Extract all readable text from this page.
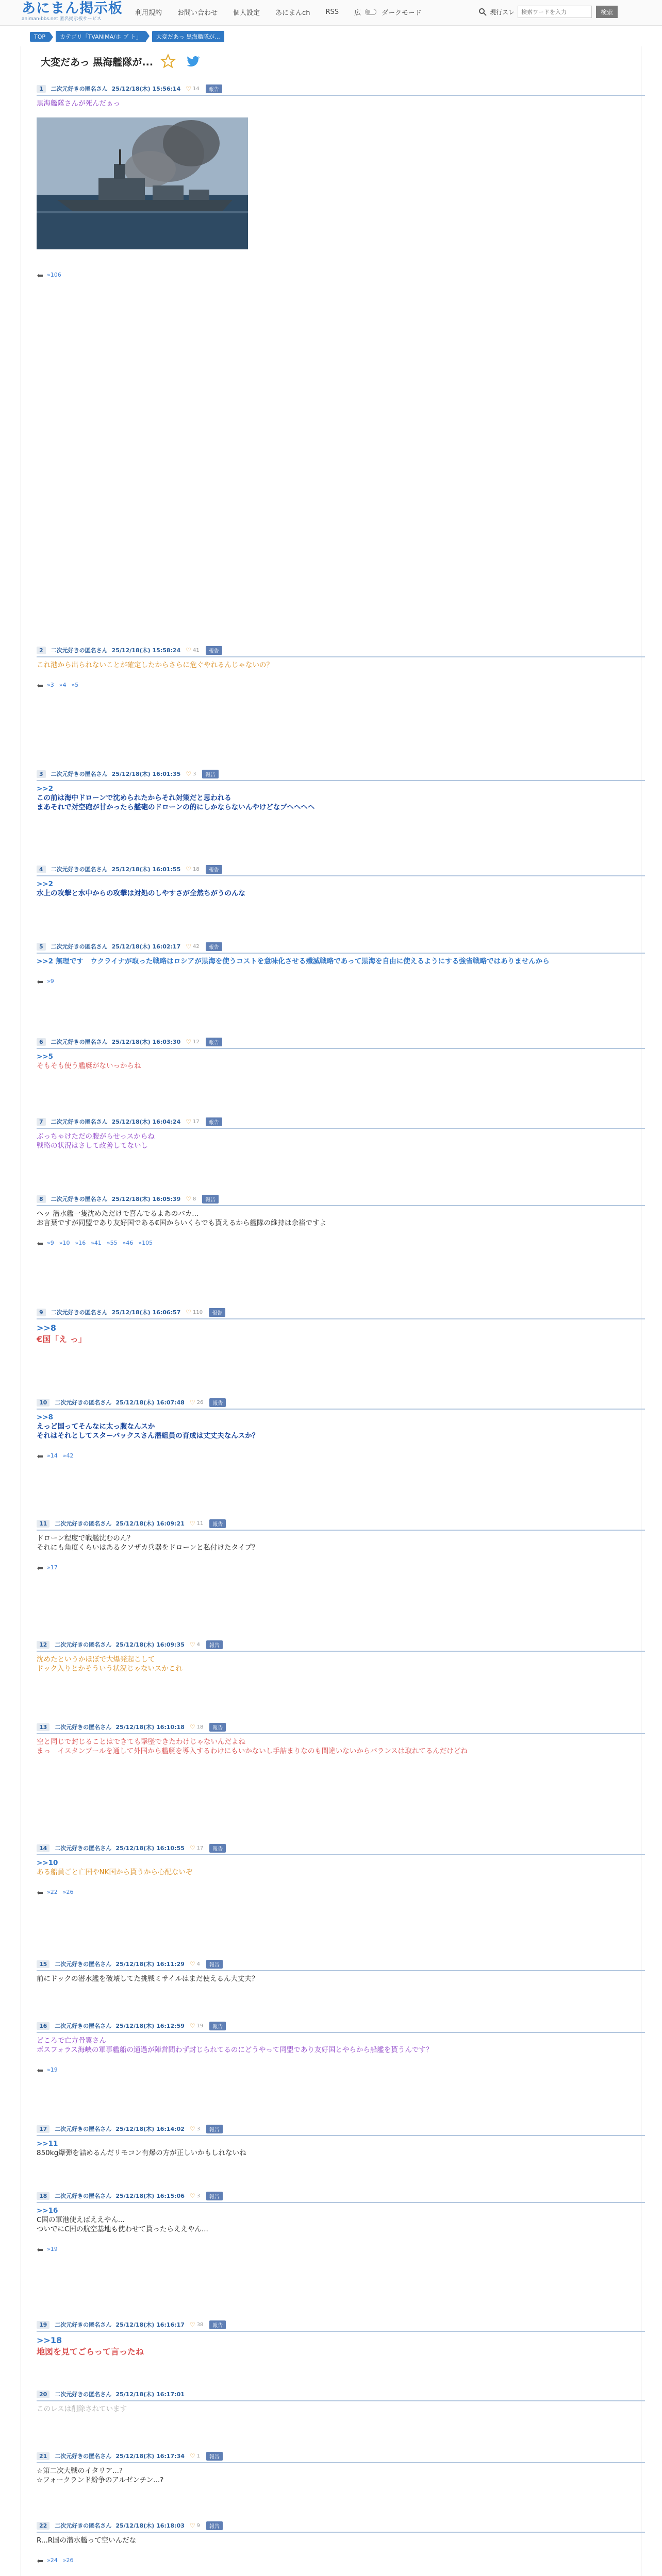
あにまん掲示板
animan-bbs.net 匿名掲示板サービス
利用規約 お問い合わせ 個人設定 あにまんch RSS 広	ダークモード	現行スレ
検索ワードを入力	検索
TOP	カテゴリ「TVANIMA/ホ ブ ト」	大変だあっ 黒海艦隊が...
大変だあっ 黒海艦隊が...
1	二次元好きの匿名さん 25/12/18(木) 15:56:14 ♡ 14	報告
黒海艦隊さんが死んだぁっ
»106
2	二次元好きの匿名さん 25/12/18(木) 15:58:24 ♡ 41	報告
これ港から出られないことが確定したからさらに危ぐやれるんじゃないの？
»3 »4 »5
3	二次元好きの匿名さん 25/12/18(木) 16:01:35 ♡ 3	報告
>>2
この前は海中ドローンで沈められたからそれ対策だと思われる
まあそれで対空砲が甘かったら艦砲のドローンの的にしかならないんやけどなブヘヘヘヘ
4	二次元好きの匿名さん 25/12/18(木) 16:01:55 ♡ 18	報告
>>2
水上の攻撃と水中からの攻撃は対処のしやすさが全然ちがうのんな
5	二次元好きの匿名さん 25/12/18(木) 16:02:17 ♡ 42	報告
>>2 無理です　ウクライナが取った戦略はロシアが黒海を使うコストを意味化させる殲滅戦略であって黒海を自由に使えるようにする強省戦略ではありませんから
»9
6	二次元好きの匿名さん 25/12/18(木) 16:03:30 ♡ 12	報告
>>5
そもそも使う艦艇がないっからね
7	二次元好きの匿名さん 25/12/18(木) 16:04:24 ♡ 17	報告
ぶっちゃけただの腹がらせっスからね
戦略の状況はさして改善してないし
8	二次元好きの匿名さん 25/12/18(木) 16:05:39 ♡ 8	報告
ヘッ 潜水艦一隻沈めただけで喜んでるよあのバカ...
お言葉ですが同盟であり友好国である€国からいくらでも貰えるから艦隊の維持は余裕ですよ
»9 »10 »16 »41 »55 »46 »105
9	二次元好きの匿名さん 25/12/18(木) 16:06:57 ♡ 110	報告
>>8
€国「え っ」
10	二次元好きの匿名さん 25/12/18(木) 16:07:48 ♡ 26	報告
>>8
えっど国ってそんなに太っ腹なんスか
それはそれとしてスターバックスさん潜組員の育成は丈丈夫なんスか？
»14 »42
11	二次元好きの匿名さん 25/12/18(木) 16:09:21 ♡ 11	報告
ドローン程度で戦艦沈むのん？
それにも角度くらいはあるクソザカ兵器をドローンと私付けたタイプ？
»17
12	二次元好きの匿名さん 25/12/18(木) 16:09:35 ♡ 4	報告
沈めたというかほぼで大爆発起こして
ドック入りとかそういう状況じゃないスかこれ
13	二次元好きの匿名さん 25/12/18(木) 16:10:18 ♡ 18	報告
空と同じで封じることはできても撃墜できたわけじゃないんだよね
まっ　イスタンブールを通して外国から艦艇を導入するわけにもいかないし手詰まりなのも間違いないからバランスは取れてるんだけどね
14	二次元好きの匿名さん 25/12/18(木) 16:10:55 ♡ 17	報告
>>10
ある船員ごと亡国やNK国から貰うから心配ないぞ
»22 »26
15	二次元好きの匿名さん 25/12/18(木) 16:11:29 ♡ 4	報告
前にドックの潜水艦を破壊してた挑戦ミサイルはまだ使えるん大丈夫？
16	二次元好きの匿名さん 25/12/18(木) 16:12:59 ♡ 19	報告
どころで亡方骨翼さん
ボスフォラス海峡の軍事艦船の通過が陣営問わず封じられてるのにどうやって同盟であり友好国とやらから船艦を貰うんです？
»19
17	二次元好きの匿名さん 25/12/18(木) 16:14:02 ♡ 3	報告
>>11
850kg爆弾を詰めるんだリモコン有爆の方が正しいかもしれないね
18	二次元好きの匿名さん 25/12/18(木) 16:15:06 ♡ 3	報告
>>16
C国の軍港使えばええやん...
ついでにC国の航空基地も使わせて貰ったらええやん...
»19
19	二次元好きの匿名さん 25/12/18(木) 16:16:17 ♡ 38	報告
>>18
地図を見てごらって言ったね
20	二次元好きの匿名さん 25/12/18(木) 16:17:01
このレスは削除されています
21	二次元好きの匿名さん 25/12/18(木) 16:17:34 ♡ 1	報告
☆第二次大戦のイタリア...?
☆フォークランド紛争のアルゼンチン...?
22	二次元好きの匿名さん 25/12/18(木) 16:18:03 ♡ 9	報告
R...R国の潜水艦って空いんだな
»24 »26
